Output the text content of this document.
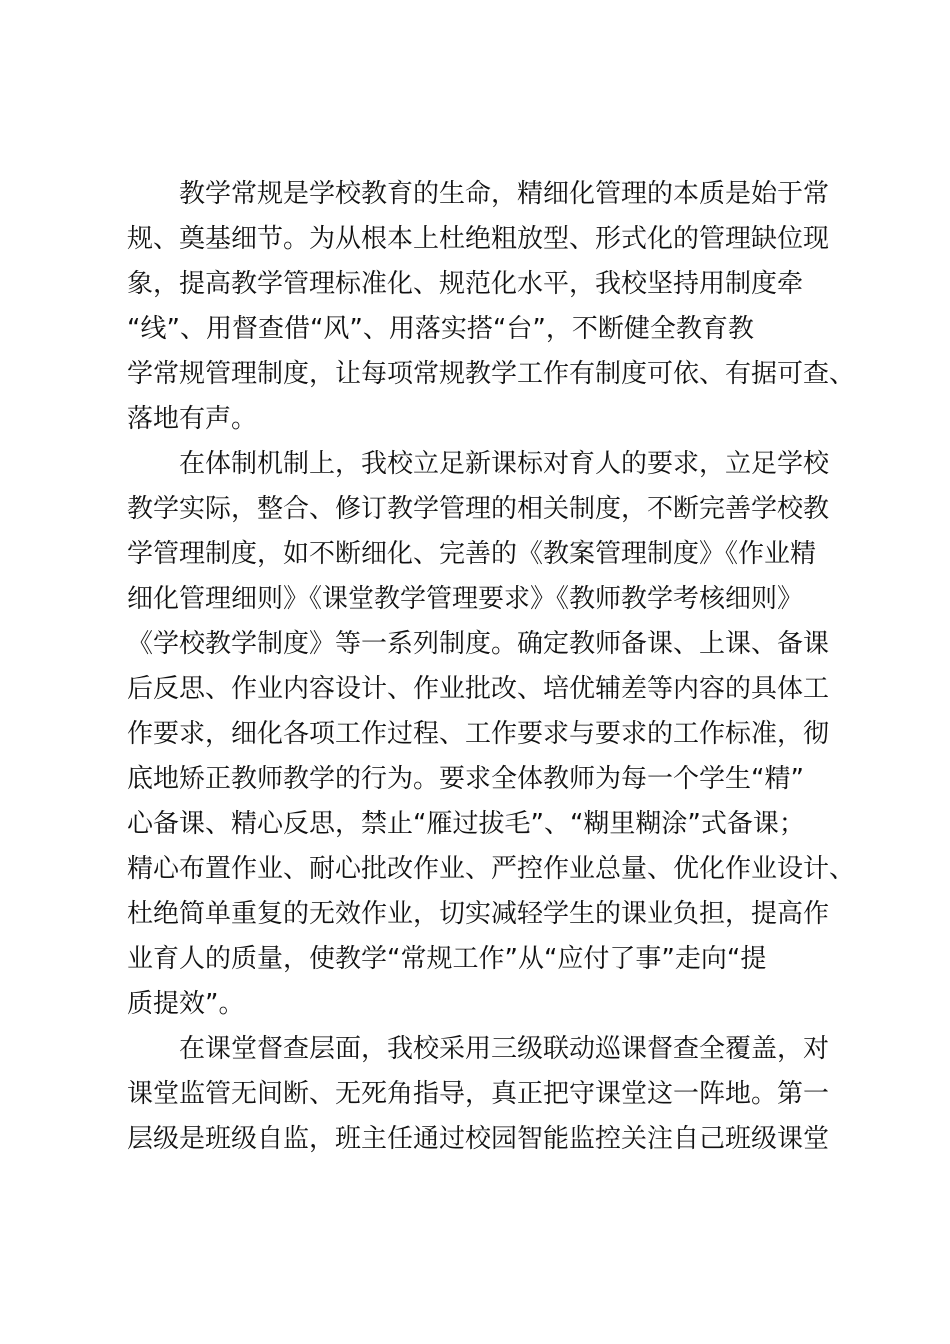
教学常规是学校教育的生命，精细化管理的本质是始于常
规、奠基细节。为从根本上杜绝粗放型、形式化的管理缺位现
象，提高教学管理标准化、规范化水平，我校坚持用制度牵
“线”、用督查借“风”、用落实搭“台”，不断健全教育教
学常规管理制度，让每项常规教学工作有制度可依、有据可查、
落地有声。
在体制机制上，我校立足新课标对育人的要求，立足学校
教学实际，整合、修订教学管理的相关制度，不断完善学校教
学管理制度，如不断细化、完善的《教案管理制度》《作业精
细化管理细则》《课堂教学管理要求》《教师教学考核细则》
《学校教学制度》等一系列制度。确定教师备课、上课、备课
后反思、作业内容设计、作业批改、培优辅差等内容的具体工
作要求，细化各项工作过程、工作要求与要求的工作标准，彻
底地矫正教师教学的行为。要求全体教师为每一个学生“精”
心备课、精心反思，禁止“雁过拔毛”、“糊里糊涂”式备课；
精心布置作业、耐心批改作业、严控作业总量、优化作业设计、
杜绝简单重复的无效作业，切实减轻学生的课业负担，提高作
业育人的质量，使教学“常规工作”从“应付了事”走向“提
质提效”。
在课堂督查层面，我校采用三级联动巡课督查全覆盖，对
课堂监管无间断、无死角指导，真正把守课堂这一阵地。第一
层级是班级自监，班主任通过校园智能监控关注自己班级课堂
